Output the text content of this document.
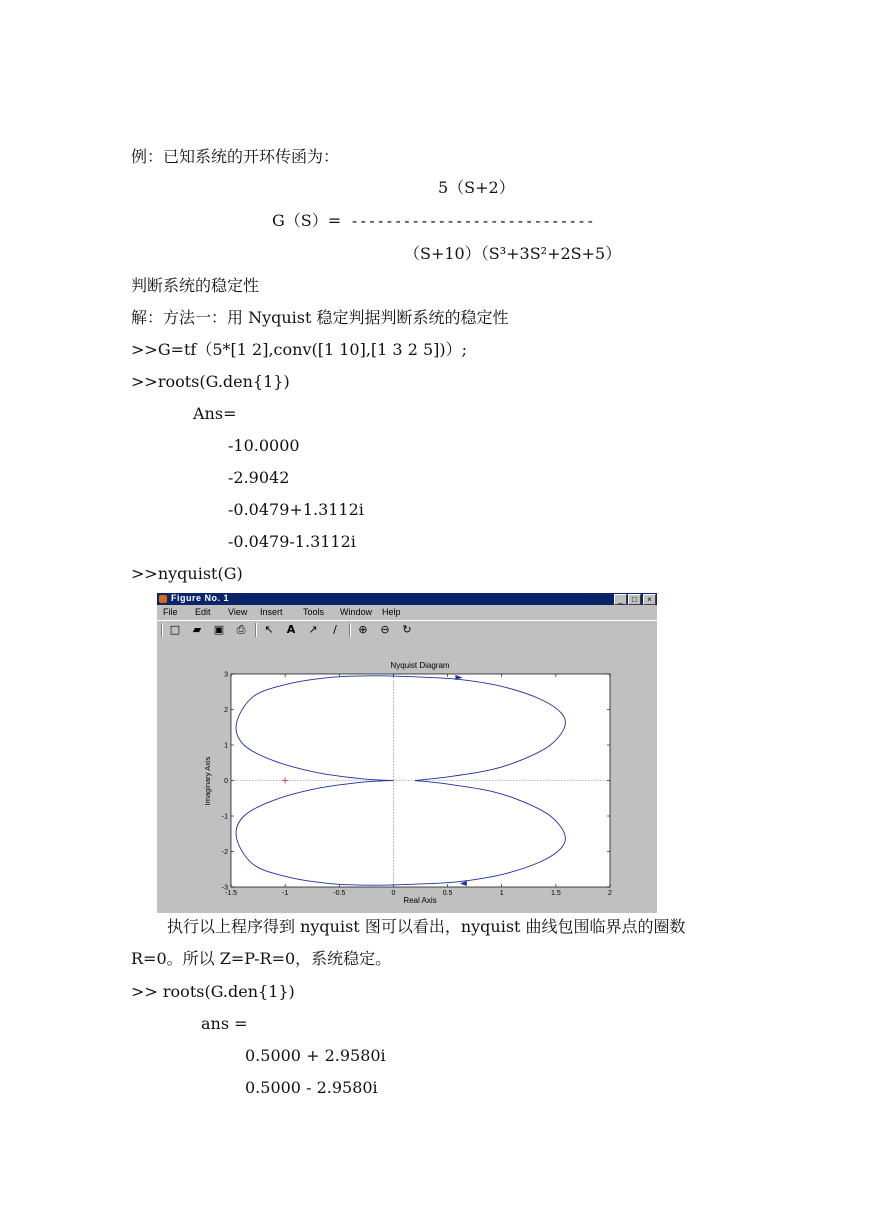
例：已知系统的开环传函为：
5（S+2）
G（S）= ----------------------------
（S+10）（S³+3S²+2S+5）
判断系统的稳定性
解：方法一：用 Nyquist 稳定判据判断系统的稳定性
>>G=tf（5*[1 2],conv([1 10],[1 3 2 5])）;
>>roots(G.den{1})
Ans=
-10.0000
-2.9042
-0.0479+1.3112i
-0.0479-1.3112i
>>nyquist(G)
Figure No. 1	_	□	×
File Edit View Insert Tools Window Help
□	▰	▣	⎙	↖	A	↗	∕	⊕	⊖	↻
-1.5	-1	-0.5	0	0.5	1	1.5	2
-3
-2
-1
0
1
2
3
Nyquist Diagram
Real Axis
Imaginary Axis
执行以上程序得到 nyquist 图可以看出，nyquist 曲线包围临界点的圈数
R=0。所以 Z=P-R=0，系统稳定。
>> roots(G.den{1})
ans =
0.5000 + 2.9580i
0.5000 - 2.9580i
